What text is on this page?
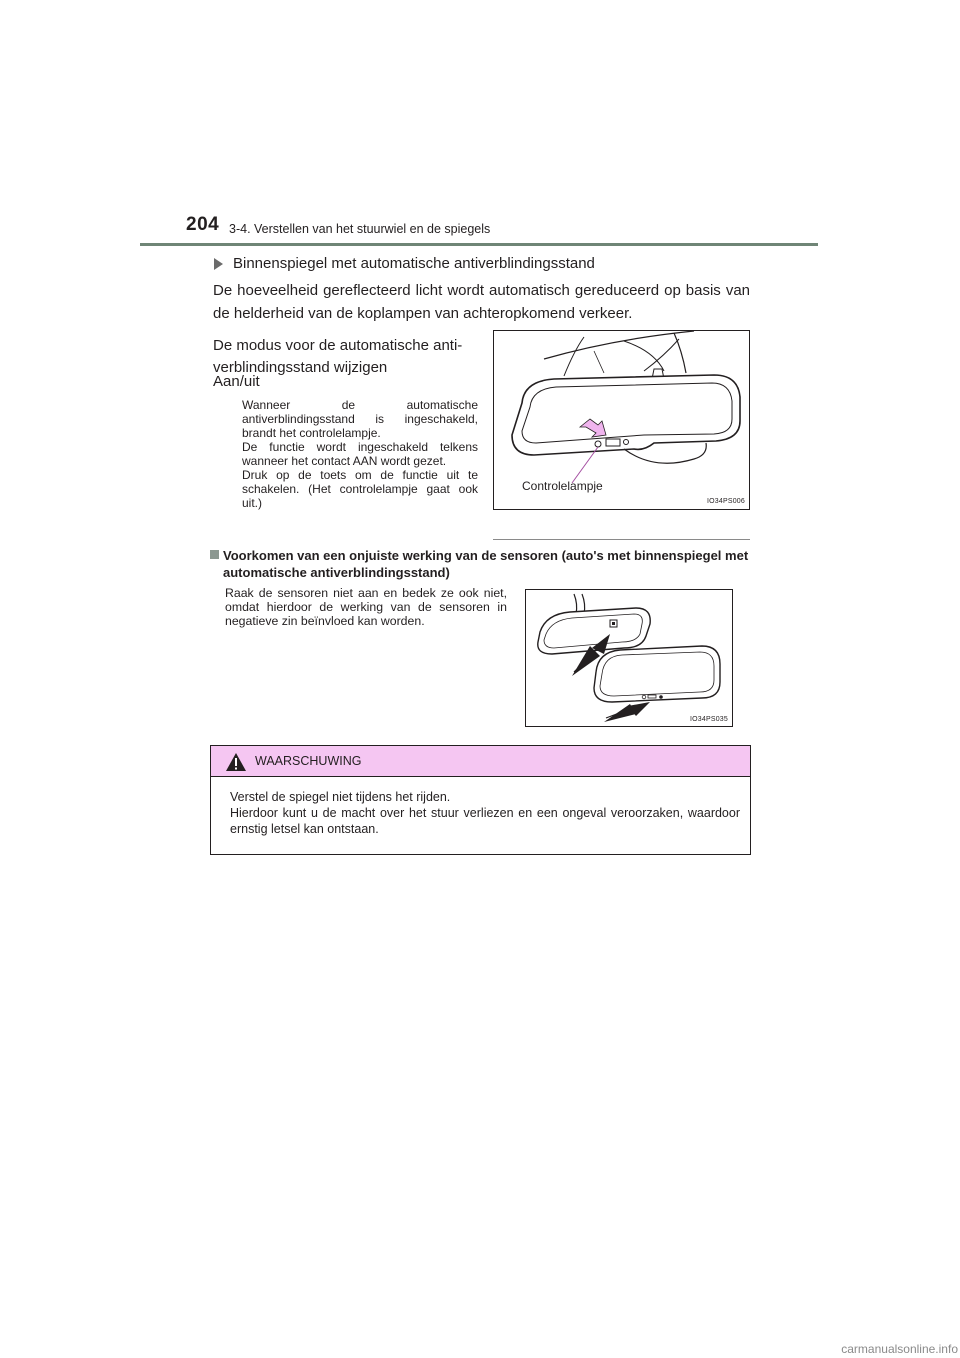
204 3-4. Verstellen van het stuurwiel en de spiegels
Binnenspiegel met automatische antiverblindingsstand

De hoeveelheid gereflecteerd licht wordt automatisch gereduceerd op basis van de helderheid van de koplampen van achteropkomend verkeer.

De modus voor de automatische anti-
verblindingsstand wijzigen
Aan/uit

Wanneer de automatische antiverblindingsstand is ingeschakeld, brandt het controlelampje.

De functie wordt ingeschakeld telkens wanneer het contact AAN wordt gezet.

Druk op de toets om de functie uit te schakelen. (Het controlelampje gaat ook uit.)

Controlelampje
IO34PS006
Voorkomen van een onjuiste werking van de sensoren (auto's met binnenspiegel met automatische antiverblindingsstand)
Raak de sensoren niet aan en bedek ze ook niet, omdat hierdoor de werking van de sensoren in negatieve zin beïnvloed kan worden.
IO34PS035
WAARSCHUWING

Verstel de spiegel niet tijdens het rijden.

Hierdoor kunt u de macht over het stuur verliezen en een ongeval veroorzaken, waardoor ernstig letsel kan ontstaan.

carmanualsonline.info
